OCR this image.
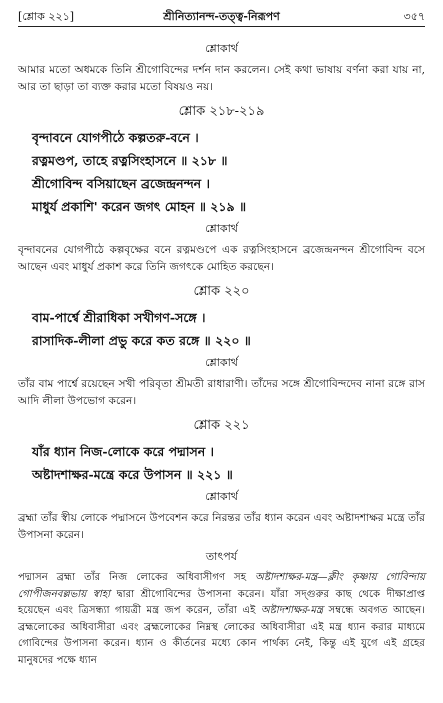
[শ্লোক ২২১]	শ্রীনিত্যানন্দ-তত্ত্ব-নিরূপণ	৩৫৭
শ্লোকার্থ

আমার মতো অধমকে তিনি শ্রীগোবিন্দের দর্শন দান করলেন। সেই কথা ভাষায় বর্ণনা করা যায় না, আর তা ছাড়া তা ব্যক্ত করার মতো বিষয়ও নয়।

শ্লোক ২১৮-২১৯
বৃন্দাবনে যোগপীঠে কল্পতরু-বনে ।
রত্নমণ্ডপ, তাহে রত্নসিংহাসনে ॥ ২১৮ ॥
শ্রীগোবিন্দ বসিয়াছেন ব্রজেন্দ্রনন্দন ।
মাধুর্য প্রকাশি' করেন জগৎ মোহন ॥ ২১৯ ॥
শ্লোকার্থ

বৃন্দাবনের যোগপীঠে কল্পবৃক্ষের বনে রত্নমণ্ডপে এক রত্নসিংহাসনে ব্রজেন্দ্রনন্দন শ্রীগোবিন্দ বসে আছেন এবং মাধুর্য প্রকাশ করে তিনি জগৎকে মোহিত করছেন।

শ্লোক ২২০
বাম-পার্শ্বে শ্রীরাধিকা সখীগণ-সঙ্গে ।
রাসাদিক-লীলা প্রভু করে কত রঙ্গে ॥ ২২০ ॥
শ্লোকার্থ

তাঁর বাম পার্শ্বে রয়েছেন সখী পরিবৃতা শ্রীমতী রাধারাণী। তাঁদের সঙ্গে শ্রীগোবিন্দদেব নানা রঙ্গে রাস আদি লীলা উপভোগ করেন।

শ্লোক ২২১
যাঁর ধ্যান নিজ-লোকে করে পদ্মাসন ।
অষ্টাদশাক্ষর-মন্ত্রে করে উপাসন ॥ ২২১ ॥
শ্লোকার্থ

ব্রহ্মা তাঁর স্বীয় লোকে পদ্মাসনে উপবেশন করে নিরন্তর তাঁর ধ্যান করেন এবং অষ্টাদশাক্ষর মন্ত্রে তাঁর উপাসনা করেন।

তাৎপর্য

পদ্মাসন ব্রহ্মা তাঁর নিজ লোকের অধিবাসীগণ সহ অষ্টাদশাক্ষর-মন্ত্র—ক্লীং কৃষ্ণায় গোবিন্দায় গোপীজনবল্লভায় স্বাহা দ্বারা শ্রীগোবিন্দের উপাসনা করেন। যাঁরা সদ্গুরুর কাছ থেকে দীক্ষাপ্রাপ্ত হয়েছেন এবং ত্রিসন্ধ্যা গায়ত্রী মন্ত্র জপ করেন, তাঁরা এই অষ্টাদশাক্ষর-মন্ত্র সম্বন্ধে অবগত আছেন। ব্রহ্মলোকের অধিবাসীরা এবং ব্রহ্মলোকের নিম্নস্থ লোকের অধিবাসীরা এই মন্ত্র ধ্যান করার মাধ্যমে গোবিন্দের উপাসনা করেন। ধ্যান ও কীর্তনের মধ্যে কোন পার্থক্য নেই, কিন্তু এই যুগে এই গ্রহের মানুষদের পক্ষে ধ্যান
